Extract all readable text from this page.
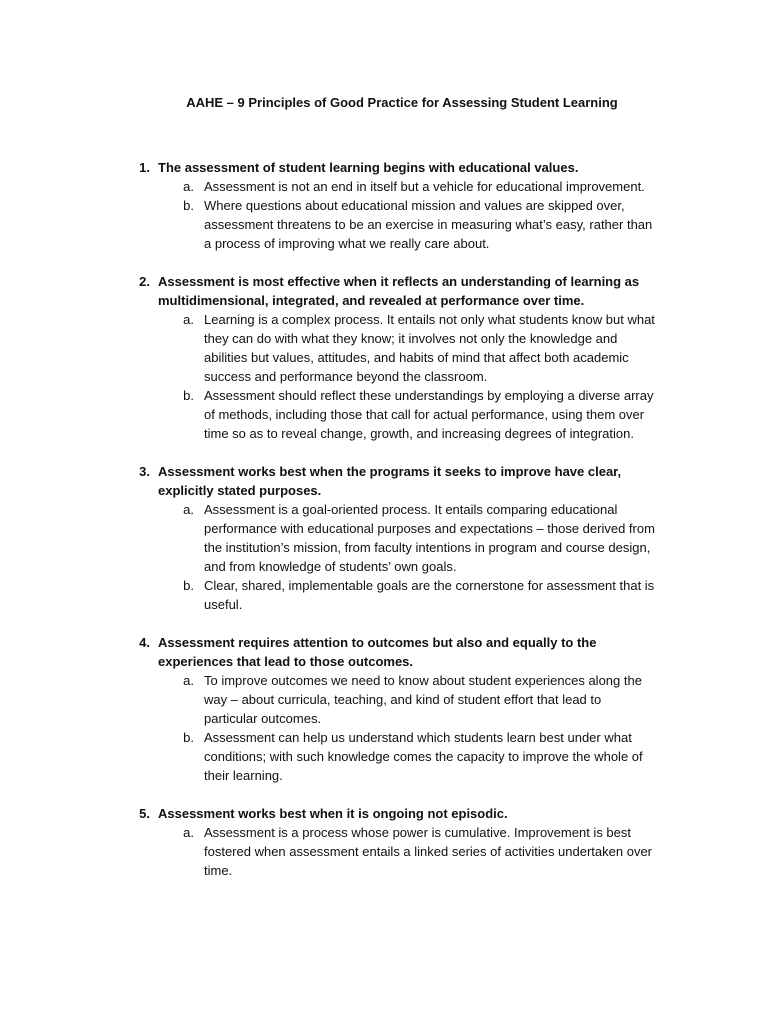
AAHE – 9 Principles of Good Practice for Assessing Student Learning
1. The assessment of student learning begins with educational values.
a. Assessment is not an end in itself but a vehicle for educational improvement.
b. Where questions about educational mission and values are skipped over, assessment threatens to be an exercise in measuring what’s easy, rather than a process of improving what we really care about.
2. Assessment is most effective when it reflects an understanding of learning as multidimensional, integrated, and revealed at performance over time.
a. Learning is a complex process. It entails not only what students know but what they can do with what they know; it involves not only the knowledge and abilities but values, attitudes, and habits of mind that affect both academic success and performance beyond the classroom.
b. Assessment should reflect these understandings by employing a diverse array of methods, including those that call for actual performance, using them over time so as to reveal change, growth, and increasing degrees of integration.
3. Assessment works best when the programs it seeks to improve have clear, explicitly stated purposes.
a. Assessment is a goal-oriented process. It entails comparing educational performance with educational purposes and expectations – those derived from the institution’s mission, from faculty intentions in program and course design, and from knowledge of students’ own goals.
b. Clear, shared, implementable goals are the cornerstone for assessment that is useful.
4. Assessment requires attention to outcomes but also and equally to the experiences that lead to those outcomes.
a. To improve outcomes we need to know about student experiences along the way – about curricula, teaching, and kind of student effort that lead to particular outcomes.
b. Assessment can help us understand which students learn best under what conditions; with such knowledge comes the capacity to improve the whole of their learning.
5. Assessment works best when it is ongoing not episodic.
a. Assessment is a process whose power is cumulative. Improvement is best fostered when assessment entails a linked series of activities undertaken over time.
